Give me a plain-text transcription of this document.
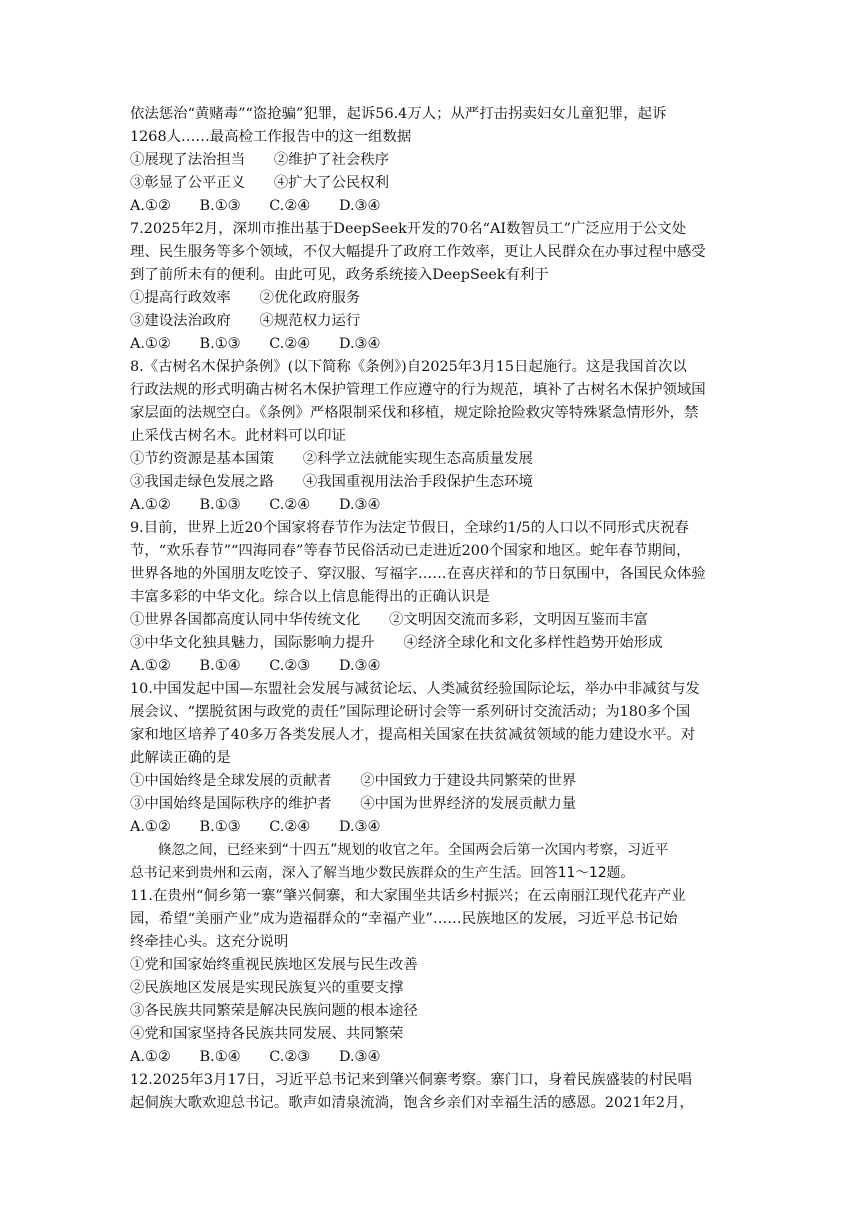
依法惩治“黄赌毒”“盗抢骗”犯罪，起诉56.4万人；从严打击拐卖妇女儿童犯罪，起诉
1268人……最高检工作报告中的这一组数据
①展现了法治担当　　②维护了社会秩序
③彰显了公平正义　　④扩大了公民权利
A.①②　　B.①③　　C.②④　　D.③④
7.2025年2月，深圳市推出基于DeepSeek开发的70名“AI数智员工”广泛应用于公文处
理、民生服务等多个领域，不仅大幅提升了政府工作效率，更让人民群众在办事过程中感受
到了前所未有的便利。由此可见，政务系统接入DeepSeek有利于
①提高行政效率　　②优化政府服务
③建设法治政府　　④规范权力运行
A.①②　　B.①③　　C.②④　　D.③④
8.《古树名木保护条例》(以下简称《条例》)自2025年3月15日起施行。这是我国首次以
行政法规的形式明确古树名木保护管理工作应遵守的行为规范，填补了古树名木保护领域国
家层面的法规空白。《条例》严格限制采伐和移植，规定除抢险救灾等特殊紧急情形外，禁
止采伐古树名木。此材料可以印证
①节约资源是基本国策　　②科学立法就能实现生态高质量发展
③我国走绿色发展之路　　④我国重视用法治手段保护生态环境
A.①②　　B.①③　　C.②④　　D.③④
9.目前，世界上近20个国家将春节作为法定节假日，全球约1/5的人口以不同形式庆祝春
节，“欢乐春节”“四海同春”等春节民俗活动已走进近200个国家和地区。蛇年春节期间，
世界各地的外国朋友吃饺子、穿汉服、写福字……在喜庆祥和的节日氛围中，各国民众体验
丰富多彩的中华文化。综合以上信息能得出的正确认识是
①世界各国都高度认同中华传统文化　　②文明因交流而多彩，文明因互鉴而丰富
③中华文化独具魅力，国际影响力提升　　④经济全球化和文化多样性趋势开始形成
A.①②　　B.①④　　C.②③　　D.③④
10.中国发起中国—东盟社会发展与减贫论坛、人类减贫经验国际论坛，举办中非减贫与发
展会议、“摆脱贫困与政党的责任”国际理论研讨会等一系列研讨交流活动；为180多个国
家和地区培养了40多万各类发展人才，提高相关国家在扶贫减贫领域的能力建设水平。对
此解读正确的是
①中国始终是全球发展的贡献者　　②中国致力于建设共同繁荣的世界
③中国始终是国际秩序的维护者　　④中国为世界经济的发展贡献力量
A.①②　　B.①③　　C.②④　　D.③④
　　倏忽之间，已经来到“十四五”规划的收官之年。全国两会后第一次国内考察，习近平
总书记来到贵州和云南，深入了解当地少数民族群众的生产生活。回答11～12题。
11.在贵州“侗乡第一寨”肇兴侗寨，和大家围坐共话乡村振兴；在云南丽江现代花卉产业
园，希望“美丽产业”成为造福群众的“幸福产业”……民族地区的发展，习近平总书记始
终牵挂心头。这充分说明
①党和国家始终重视民族地区发展与民生改善
②民族地区发展是实现民族复兴的重要支撑
③各民族共同繁荣是解决民族问题的根本途径
④党和国家坚持各民族共同发展、共同繁荣
A.①②　　B.①④　　C.②③　　D.③④
12.2025年3月17日，习近平总书记来到肇兴侗寨考察。寨门口，身着民族盛装的村民唱
起侗族大歌欢迎总书记。歌声如清泉流淌，饱含乡亲们对幸福生活的感恩。2021年2月，
